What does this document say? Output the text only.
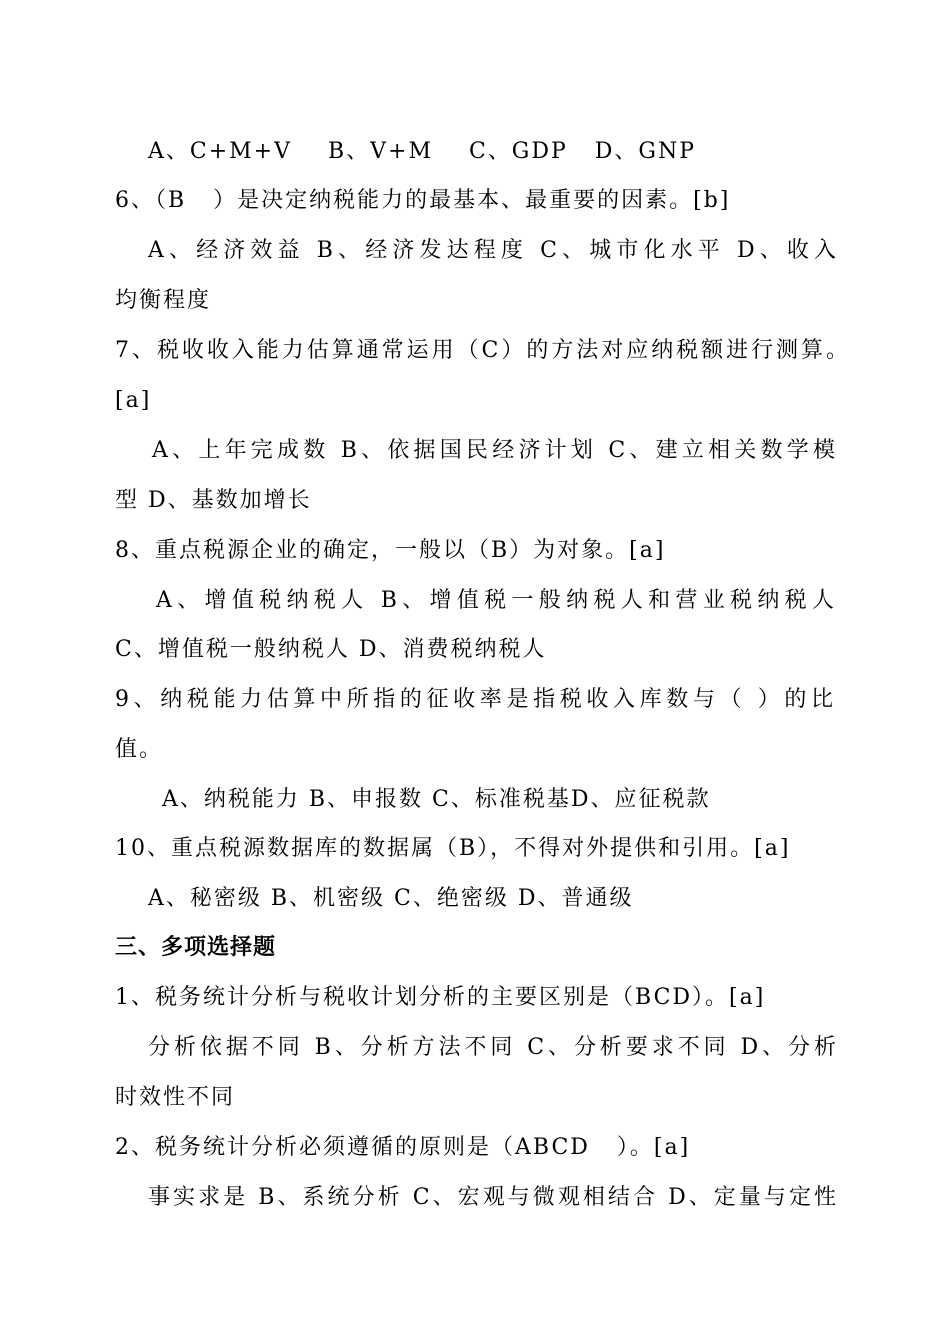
A、C+M+V    B、V+M    C、GDP   D、GNP
6、（B   ）是决定纳税能力的最基本、最重要的因素。[b]
A、经济效益 B、经济发达程度 C、城市化水平 D、收入
均衡程度
7、税收收入能力估算通常运用（C）的方法对应纳税额进行测算。
[a]
A、上年完成数 B、依据国民经济计划 C、建立相关数学模
型 D、基数加增长
8、重点税源企业的确定，一般以（B）为对象。[a]
A、增值税纳税人 B、增值税一般纳税人和营业税纳税人
C、增值税一般纳税人 D、消费税纳税人
9、纳税能力估算中所指的征收率是指税收入库数与（ ）的比
值。
A、纳税能力 B、申报数 C、标准税基D、应征税款
10、重点税源数据库的数据属（B），不得对外提供和引用。[a]
A、秘密级 B、机密级 C、绝密级 D、普通级
三、多项选择题
1、税务统计分析与税收计划分析的主要区别是（BCD）。[a]
分析依据不同 B、分析方法不同 C、分析要求不同 D、分析
时效性不同
2、税务统计分析必须遵循的原则是（ABCD   ）。[a]
事实求是 B、系统分析 C、宏观与微观相结合 D、定量与定性
